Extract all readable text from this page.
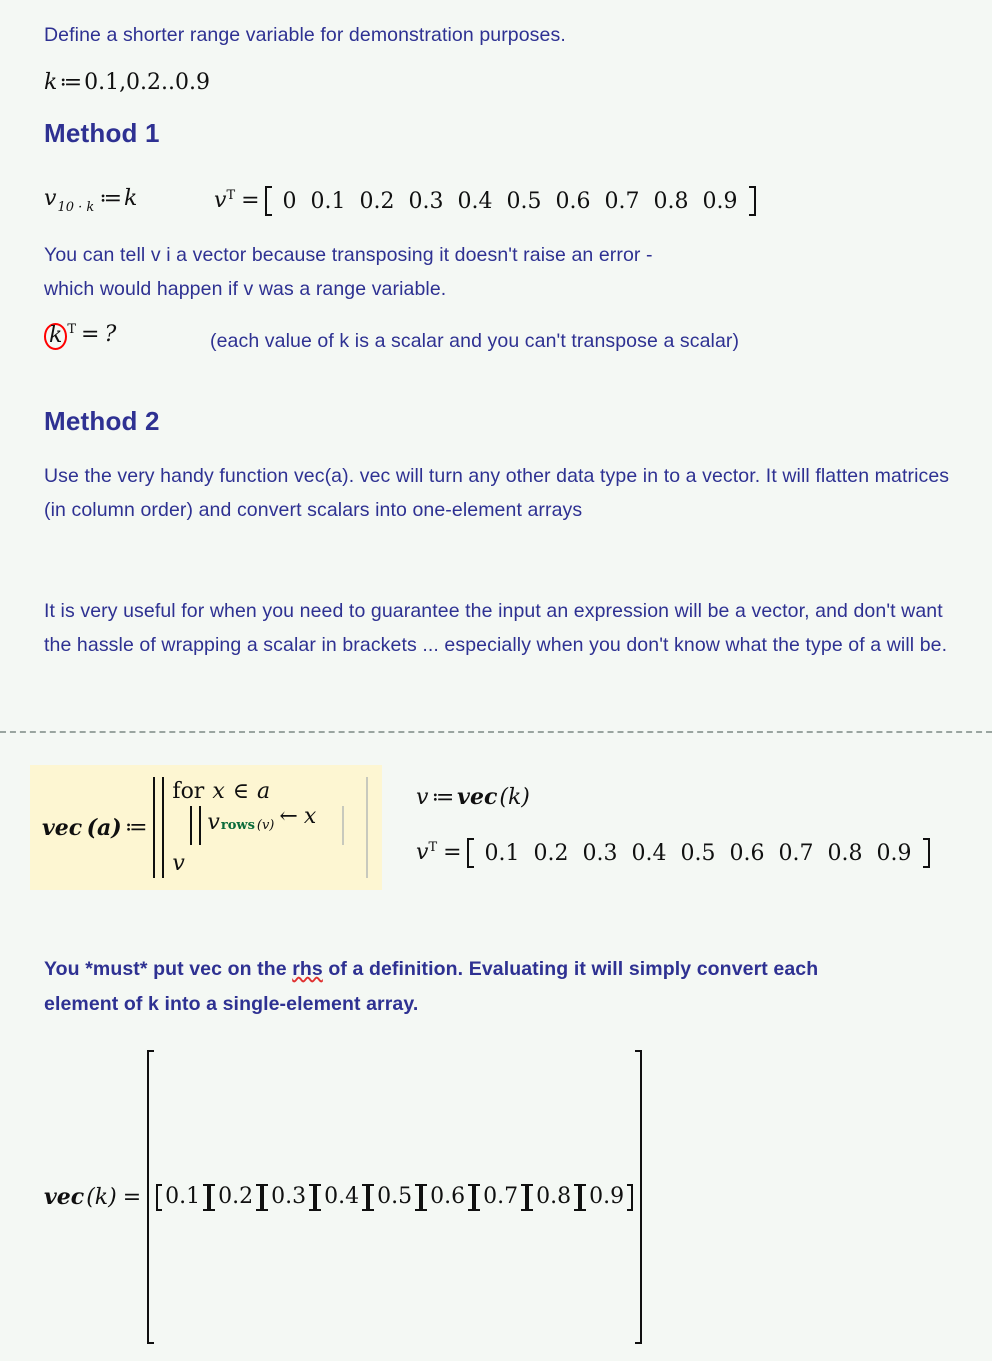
Define a shorter range variable for demonstration purposes.
k≔0.1,0.2..0.9
Method 1
$v_{10 \cdot k}$ ≔k	$v^T = 0$ 0.1 0.2 0.3 0.4 0.5 0.6 0.7 0.8 0.9
You can tell v i a vector because transposing it doesn't raise an error - which would happen if v was a range variable.
k $^T$ = ?	(each value of k is a scalar and you can't transpose a scalar)
Method 2
Use the very handy function vec(a). vec will turn any other data type in to a vector. It will flatten matrices (in column order) and convert scalars into one-element arrays
It is very useful for when you need to guarantee the input an expression will be a vector, and don't want the hassle of wrapping a scalar in brackets ... especially when you don't know what the type of a will be.
vec  (a) ≔
for x ∈ a
v rows (v) ← x
v
v ≔ vec(k)
$v^T = 0.1$ 0.2 0.3 0.4 0.5 0.6 0.7 0.8 0.9
You *must* put vec on the rhs of a definition. Evaluating it will simply convert each element of k into a single-element array.
vec (k) =	0.1 0.2 0.3 0.4 0.5 0.6 0.7 0.8 0.9
